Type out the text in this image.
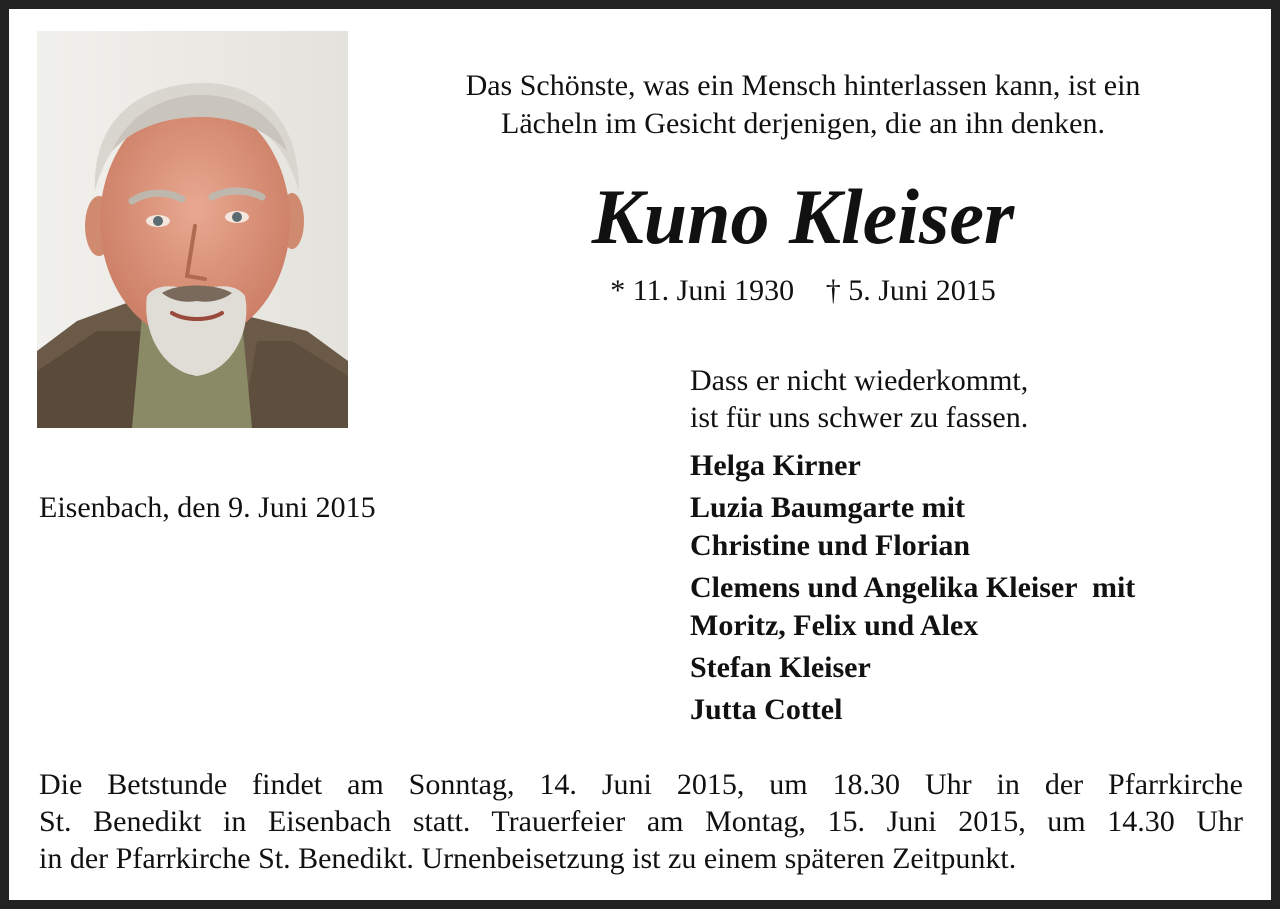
Das Schönste, was ein Mensch hinterlassen kann, ist ein
Lächeln im Gesicht derjenigen, die an ihn denken.
Kuno Kleiser
* 11. Juni 1930 † 5. Juni 2015
Dass er nicht wiederkommt,
ist für uns schwer zu fassen.
Eisenbach, den 9. Juni 2015
Helga Kirner
Luzia Baumgarte mit
Christine und Florian
Clemens und Angelika Kleiser  mit
Moritz, Felix und Alex
Stefan Kleiser
Jutta Cottel
Die Betstunde findet am Sonntag, 14. Juni 2015, um 18.30 Uhr in der Pfarrkirche
St. Benedikt in Eisenbach statt. Trauerfeier am Montag, 15. Juni 2015, um 14.30 Uhr
in der Pfarrkirche St. Benedikt. Urnenbeisetzung ist zu einem späteren Zeitpunkt.
